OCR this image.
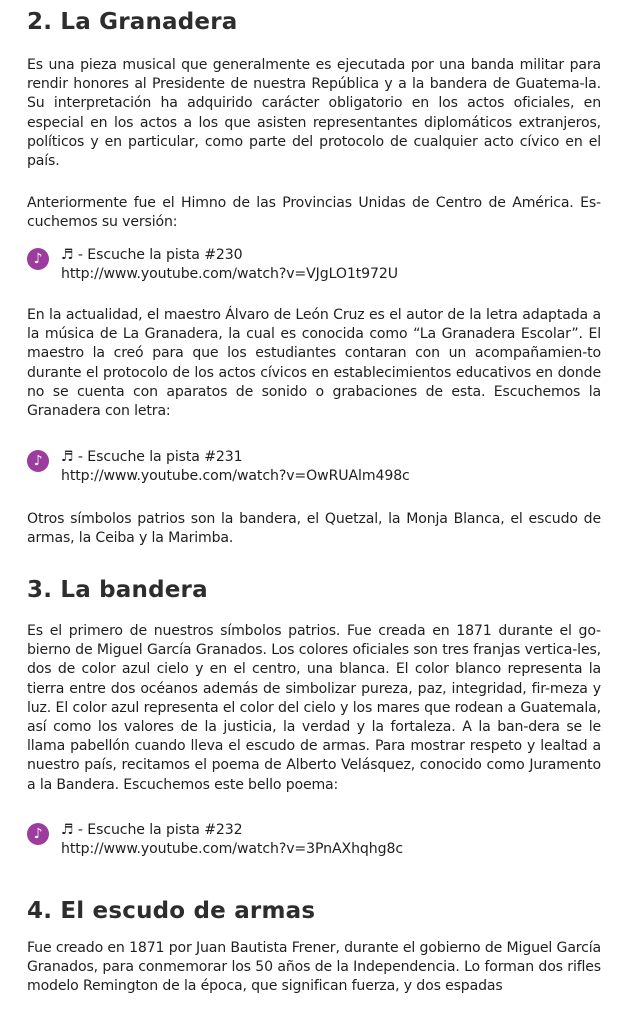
2. La Granadera

Es una pieza musical que generalmente es ejecutada por una banda militar para rendir honores al Presidente de nuestra República y a la bandera de Guatema-la. Su interpretación ha adquirido carácter obligatorio en los actos oficiales, en especial en los actos a los que asisten representantes diplomáticos extranjeros, políticos y en particular, como parte del protocolo de cualquier acto cívico en el país.

Anteriormente fue el Himno de las Provincias Unidas de Centro de América. Es-cuchemos su versión:

♪	♬ - Escuche la pista #230
http://www.youtube.com/watch?v=VJgLO1t972U

En la actualidad, el maestro Álvaro de León Cruz es el autor de la letra adaptada a la música de La Granadera, la cual es conocida como “La Granadera Escolar”. El maestro la creó para que los estudiantes contaran con un acompañamien-to durante el protocolo de los actos cívicos en establecimientos educativos en donde no se cuenta con aparatos de sonido o grabaciones de esta. Escuchemos la Granadera con letra:

♪	♬ - Escuche la pista #231
http://www.youtube.com/watch?v=OwRUAlm498c

Otros símbolos patrios son la bandera, el Quetzal, la Monja Blanca, el escudo de armas, la Ceiba y la Marimba.

3. La bandera

Es el primero de nuestros símbolos patrios. Fue creada en 1871 durante el go-bierno de Miguel García Granados. Los colores oficiales son tres franjas vertica-les, dos de color azul cielo y en el centro, una blanca. El color blanco representa la tierra entre dos océanos además de simbolizar pureza, paz, integridad, fir-meza y luz. El color azul representa el color del cielo y los mares que rodean a Guatemala, así como los valores de la justicia, la verdad y la fortaleza. A la ban-dera se le llama pabellón cuando lleva el escudo de armas. Para mostrar respeto y lealtad a nuestro país, recitamos el poema de Alberto Velásquez, conocido como Juramento a la Bandera. Escuchemos este bello poema:

♪	♬ - Escuche la pista #232
http://www.youtube.com/watch?v=3PnAXhqhg8c
4. El escudo de armas

Fue creado en 1871 por Juan Bautista Frener, durante el gobierno de Miguel García Granados, para conmemorar los 50 años de la Independencia. Lo forman dos rifles modelo Remington de la época, que significan fuerza, y dos espadas
